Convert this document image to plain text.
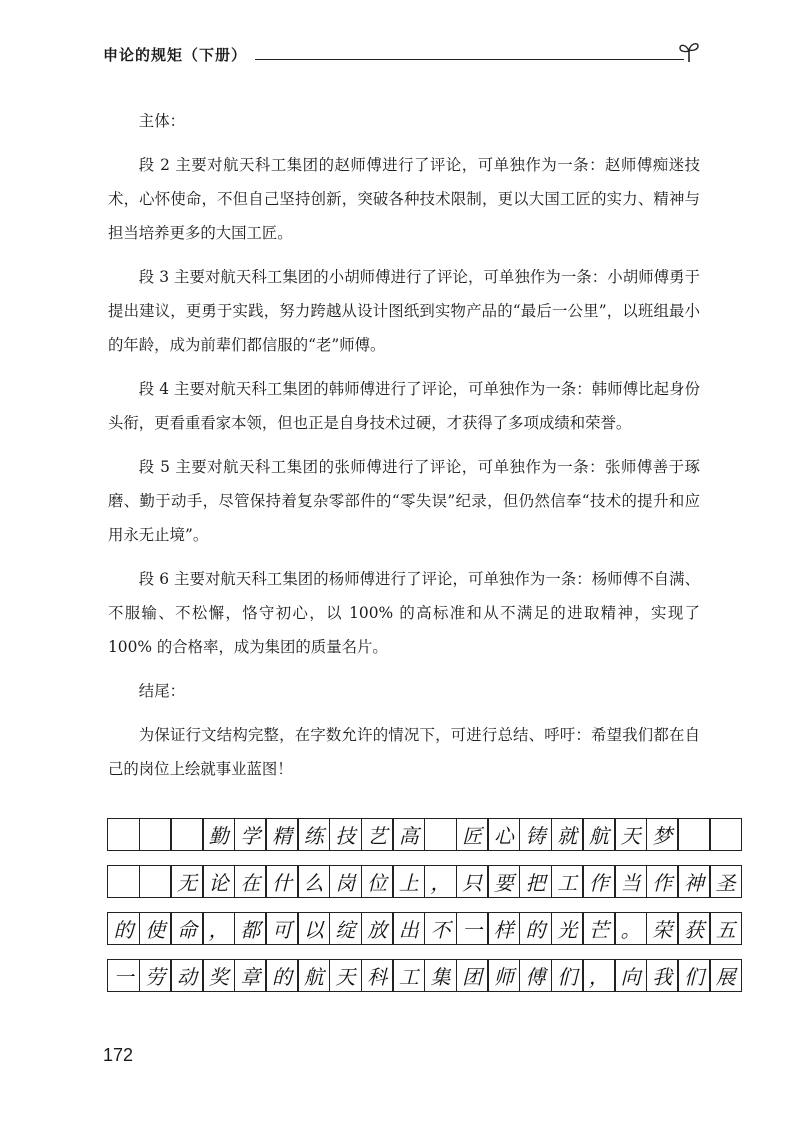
申论的规矩（下册）

主体：

段 2 主要对航天科工集团的赵师傅进行了评论，可单独作为一条：赵师傅痴迷技术，心怀使命，不但自己坚持创新，突破各种技术限制，更以大国工匠的实力、精神与担当培养更多的大国工匠。

段 3 主要对航天科工集团的小胡师傅进行了评论，可单独作为一条：小胡师傅勇于提出建议，更勇于实践，努力跨越从设计图纸到实物产品的“最后一公里”，以班组最小的年龄，成为前辈们都信服的“老”师傅。

段 4 主要对航天科工集团的韩师傅进行了评论，可单独作为一条：韩师傅比起身份头衔，更看重看家本领，但也正是自身技术过硬，才获得了多项成绩和荣誉。

段 5 主要对航天科工集团的张师傅进行了评论，可单独作为一条：张师傅善于琢磨、勤于动手，尽管保持着复杂零部件的“零失误”纪录，但仍然信奉“技术的提升和应用永无止境”。

段 6 主要对航天科工集团的杨师傅进行了评论，可单独作为一条：杨师傅不自满、不服输、不松懈，恪守初心，以 100% 的高标准和从不满足的进取精神，实现了 100% 的合格率，成为集团的质量名片。

结尾：

为保证行文结构完整，在字数允许的情况下，可进行总结、呼吁：希望我们都在自己的岗位上绘就事业蓝图！

勤 学 精 练 技 艺 高	匠 心 铸 就 航 天 梦
无 论 在 什 么 岗 位 上 ， 只 要 把 工 作 当 作 神 圣
的 使 命 ， 都 可 以 绽 放 出 不 一 样 的 光 芒 。 荣 获 五
一 劳 动 奖 章 的 航 天 科 工 集 团 师 傅 们 ， 向 我 们 展
172
